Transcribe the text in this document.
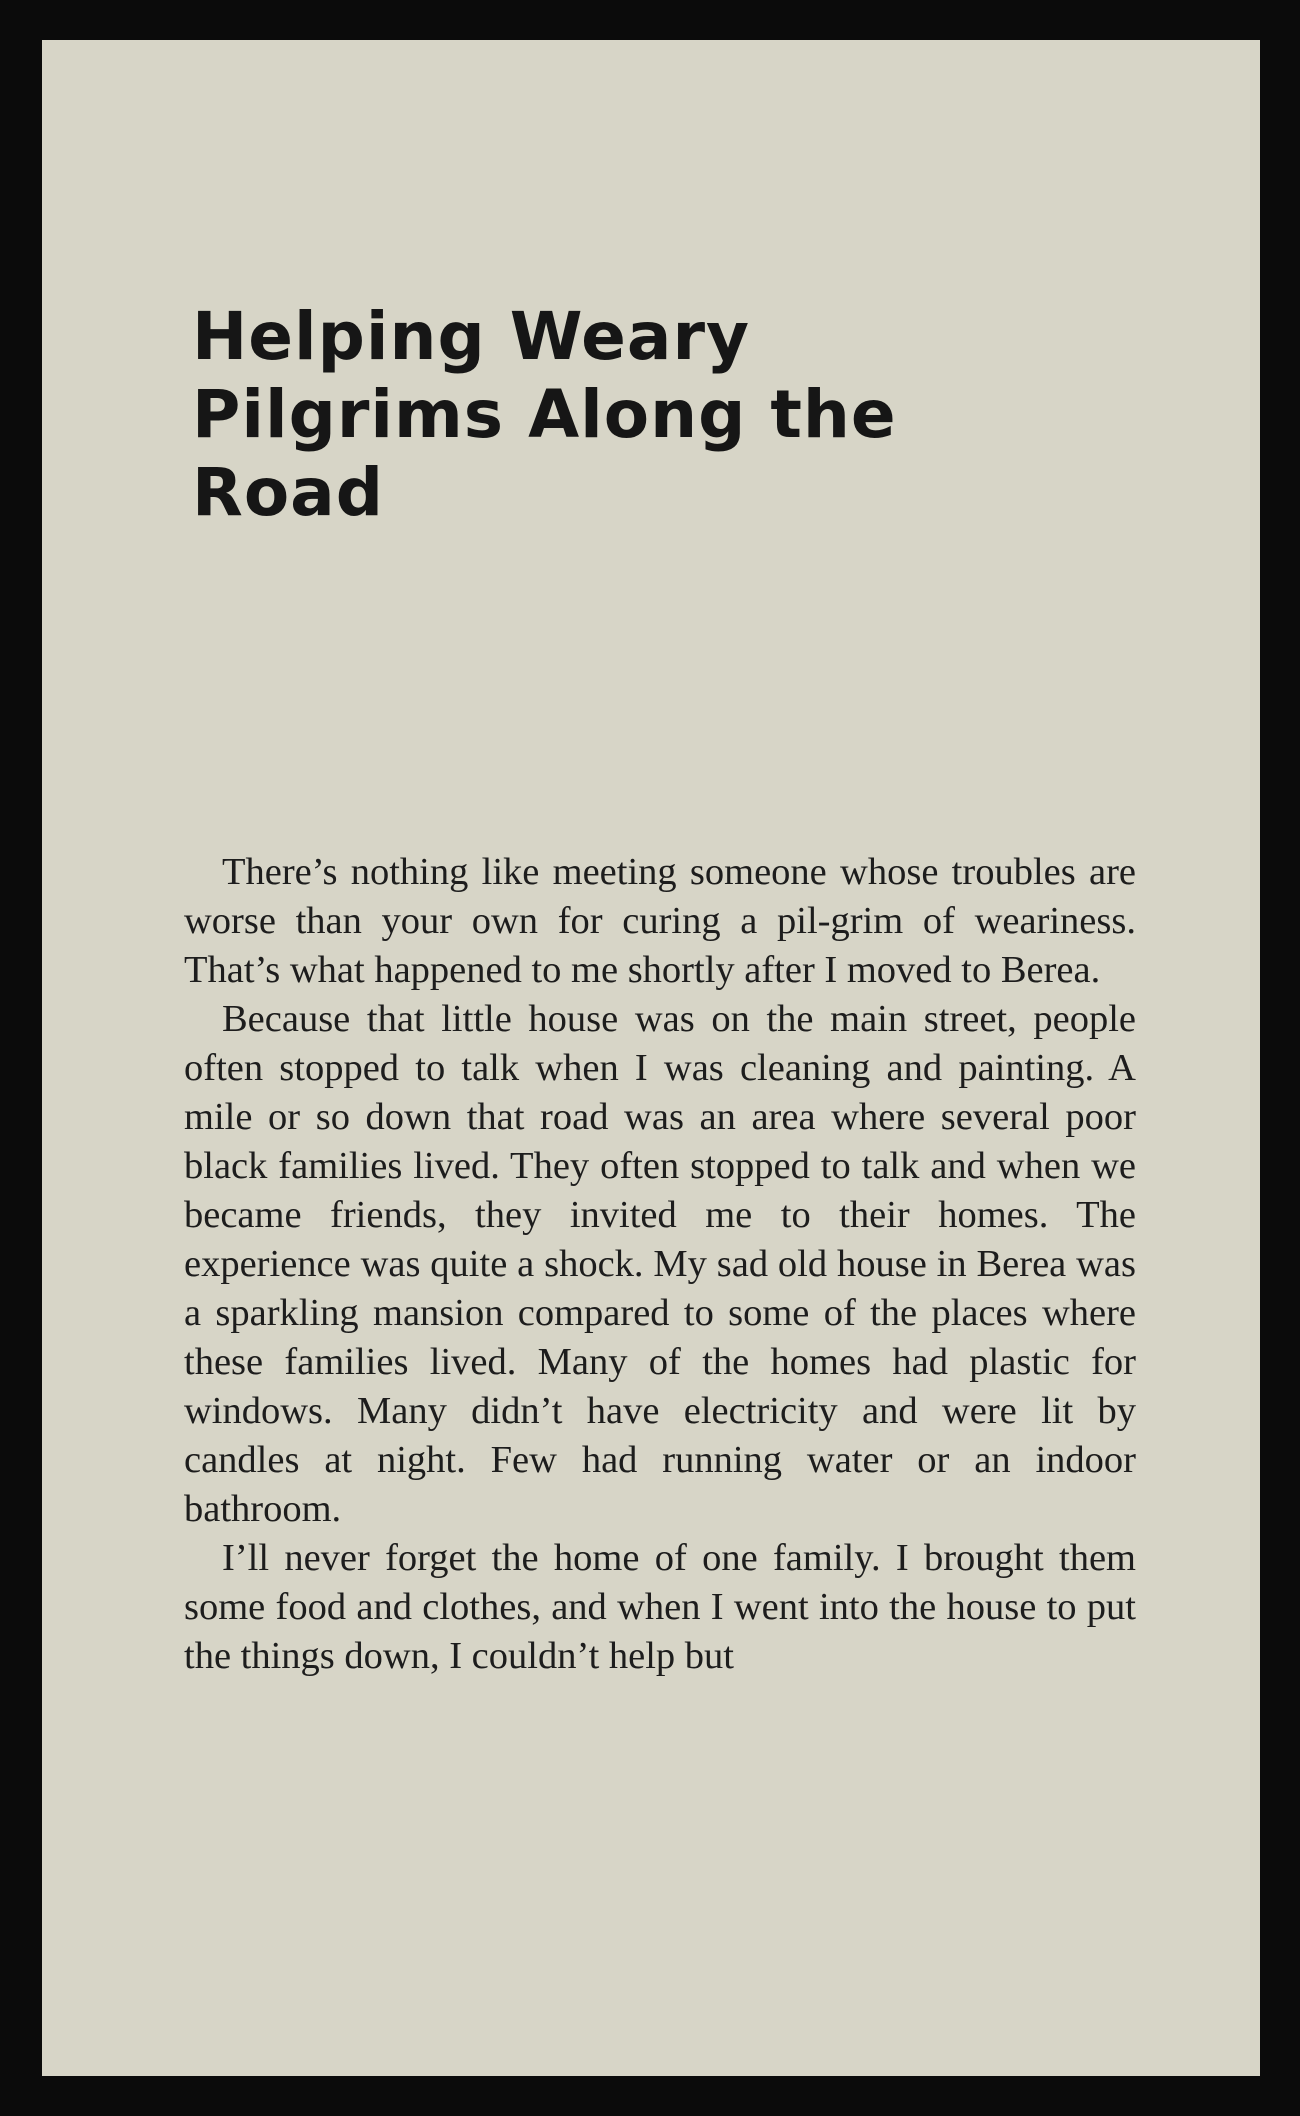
Helping Weary
Pilgrims Along the
Road

There’s nothing like meeting someone whose troubles are worse than your own for curing a pil-grim of weariness. That’s what happened to me shortly after I moved to Berea.

Because that little house was on the main street, people often stopped to talk when I was cleaning and painting. A mile or so down that road was an area where several poor black families lived. They often stopped to talk and when we became friends, they invited me to their homes. The experience was quite a shock. My sad old house in Berea was a sparkling mansion compared to some of the places where these families lived. Many of the homes had plastic for windows. Many didn’t have electricity and were lit by candles at night. Few had running water or an indoor bathroom.

I’ll never forget the home of one family. I brought them some food and clothes, and when I went into the house to put the things down, I couldn’t help but
